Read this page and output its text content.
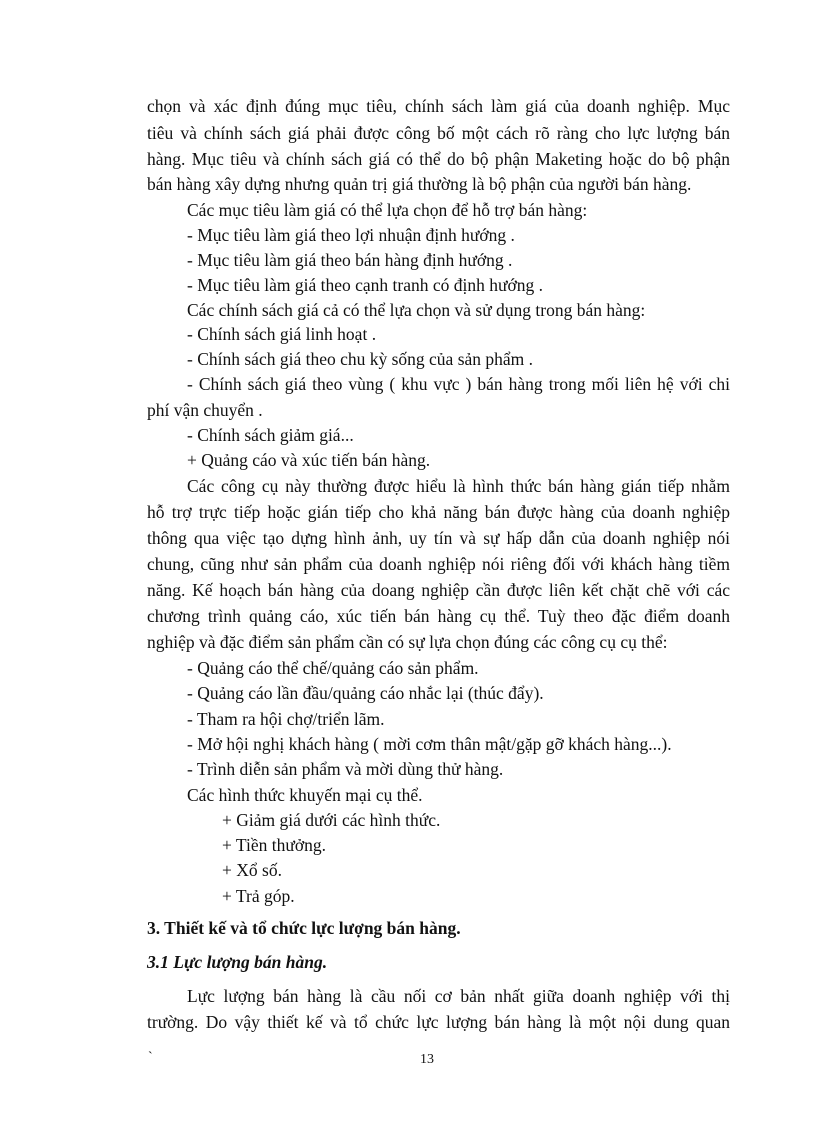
chọn và xác định đúng mục tiêu, chính sách làm giá của doanh nghiệp. Mục
tiêu và chính sách giá phải được công bố một cách rõ ràng cho lực lượng bán
hàng. Mục tiêu và chính sách giá có thể do bộ phận Maketing hoặc do bộ phận
bán hàng xây dựng nhưng quản trị giá thường là bộ phận của người bán hàng.
Các mục tiêu làm giá có thể lựa chọn để hỗ trợ bán hàng:
- Mục tiêu làm giá theo lợi nhuận định hướng .
- Mục tiêu làm giá theo bán hàng định hướng .
- Mục tiêu làm giá theo cạnh tranh có định hướng .
Các chính sách giá cả có thể lựa chọn và sử dụng trong bán hàng:
- Chính sách giá linh hoạt .
- Chính sách giá theo chu kỳ sống của sản phẩm .
- Chính sách giá theo vùng ( khu vực ) bán hàng trong mối liên hệ với chi
phí vận chuyển .
- Chính sách giảm giá...
+ Quảng cáo và xúc tiến bán hàng.
Các công cụ này thường được hiểu là hình thức bán hàng gián tiếp nhằm
hỗ trợ trực tiếp hoặc gián tiếp cho khả năng bán được hàng của doanh nghiệp
thông qua việc tạo dựng hình ảnh, uy tín và sự hấp dẫn của doanh nghiệp nói
chung, cũng như sản phẩm của doanh nghiệp nói riêng đối với khách hàng tiềm
năng. Kế hoạch bán hàng của doang nghiệp cần được liên kết chặt chẽ với các
chương trình quảng cáo, xúc tiến bán hàng cụ thể. Tuỳ theo đặc điểm doanh
nghiệp và đặc điểm sản phẩm cần có sự lựa chọn đúng các công cụ cụ thể:
- Quảng cáo thể chế/quảng cáo sản phẩm.
- Quảng cáo lần đầu/quảng cáo nhắc lại (thúc đẩy).
- Tham ra hội chợ/triển lãm.
- Mở hội nghị khách hàng ( mời cơm thân mật/gặp gỡ khách hàng...).
- Trình diễn sản phẩm và mời dùng thử hàng.
Các hình thức khuyến mại cụ thể.
+ Giảm giá dưới các hình thức.
+ Tiền thưởng.
+ Xổ số.
+ Trả góp.
3. Thiết kế và tổ chức lực lượng bán hàng.
3.1 Lực lượng bán hàng.
Lực lượng bán hàng là cầu nối cơ bản nhất giữa doanh nghiệp với thị
trường. Do vậy thiết kế và tổ chức lực lượng bán hàng là một nội dung quan
`	13
